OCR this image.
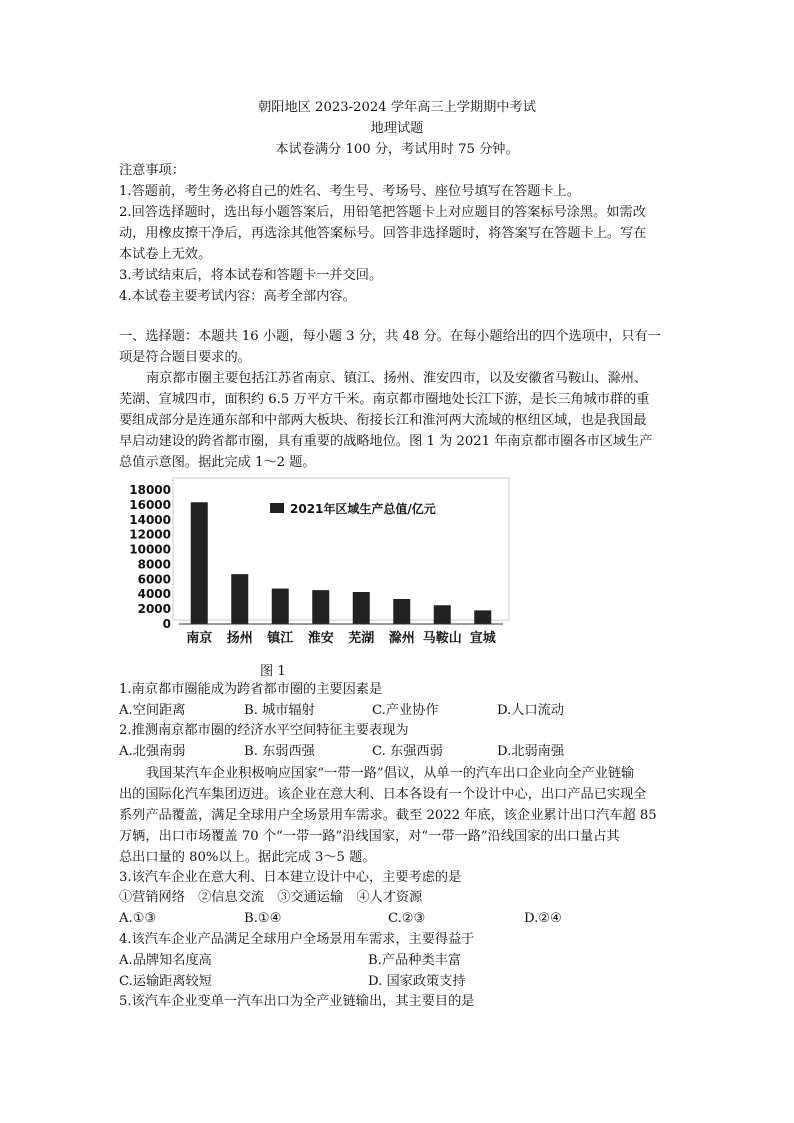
朝阳地区 2023-2024 学年高三上学期期中考试
地理试题
本试卷满分 100 分，考试用时 75 分钟。
注意事项：
1.答题前，考生务必将自己的姓名、考生号、考场号、座位号填写在答题卡上。
2.回答选择题时，选出每小题答案后，用铅笔把答题卡上对应题目的答案标号涂黑。如需改
动，用橡皮擦干净后，再选涂其他答案标号。回答非选择题时，将答案写在答题卡上。写在
本试卷上无效。
3.考试结束后，将本试卷和答题卡一并交回。
4.本试卷主要考试内容：高考全部内容。
一、选择题：本题共 16 小题，每小题 3 分，共 48 分。在每小题给出的四个选项中，只有一
项是符合题目要求的。
南京都市圈主要包括江苏省南京、镇江、扬州、淮安四市，以及安徽省马鞍山、滁州、
芜湖、宣城四市，面积约 6.5 万平方千米。南京都市圈地处长江下游，是长三角城市群的重
要组成部分是连通东部和中部两大板块、衔接长江和淮河两大流域的枢纽区域，也是我国最
早启动建设的跨省都市圈，具有重要的战略地位。图 1 为 2021 年南京都市圈各市区域生产
总值示意图。据此完成 1～2 题。
18000
16000
14000
12000
10000
8000
6000
4000
2000
0
南京 扬州 镇江 淮安 芜湖 滁州 马鞍山 宣城
2021年区域生产总值/亿元
图 1
1.南京都市圈能成为跨省都市圈的主要因素是
A.空间距离	B. 城市辐射	C.产业协作	D.人口流动
2.推测南京都市圈的经济水平空间特征主要表现为
A.北强南弱	B. 东弱西强	C. 东强西弱	D.北弱南强
我国某汽车企业积极响应国家“一带一路”倡议，从单一的汽车出口企业向全产业链输
出的国际化汽车集团迈进。该企业在意大利、日本各设有一个设计中心，出口产品已实现全
系列产品覆盖，满足全球用户全场景用车需求。截至 2022 年底，该企业累计出口汽车超 85
万辆，出口市场覆盖 70 个“一带一路”沿线国家，对“一带一路”沿线国家的出口量占其
总出口量的 80%以上。据此完成 3～5 题。
3.该汽车企业在意大利、日本建立设计中心，主要考虑的是
①营销网络　②信息交流　③交通运输　④人才资源
A.①③	B.①④	C.②③	D.②④
4.该汽车企业产品满足全球用户全场景用车需求，主要得益于
A.品牌知名度高	B.产品种类丰富
C.运输距离较短	D. 国家政策支持
5.该汽车企业变单一汽车出口为全产业链输出，其主要目的是
